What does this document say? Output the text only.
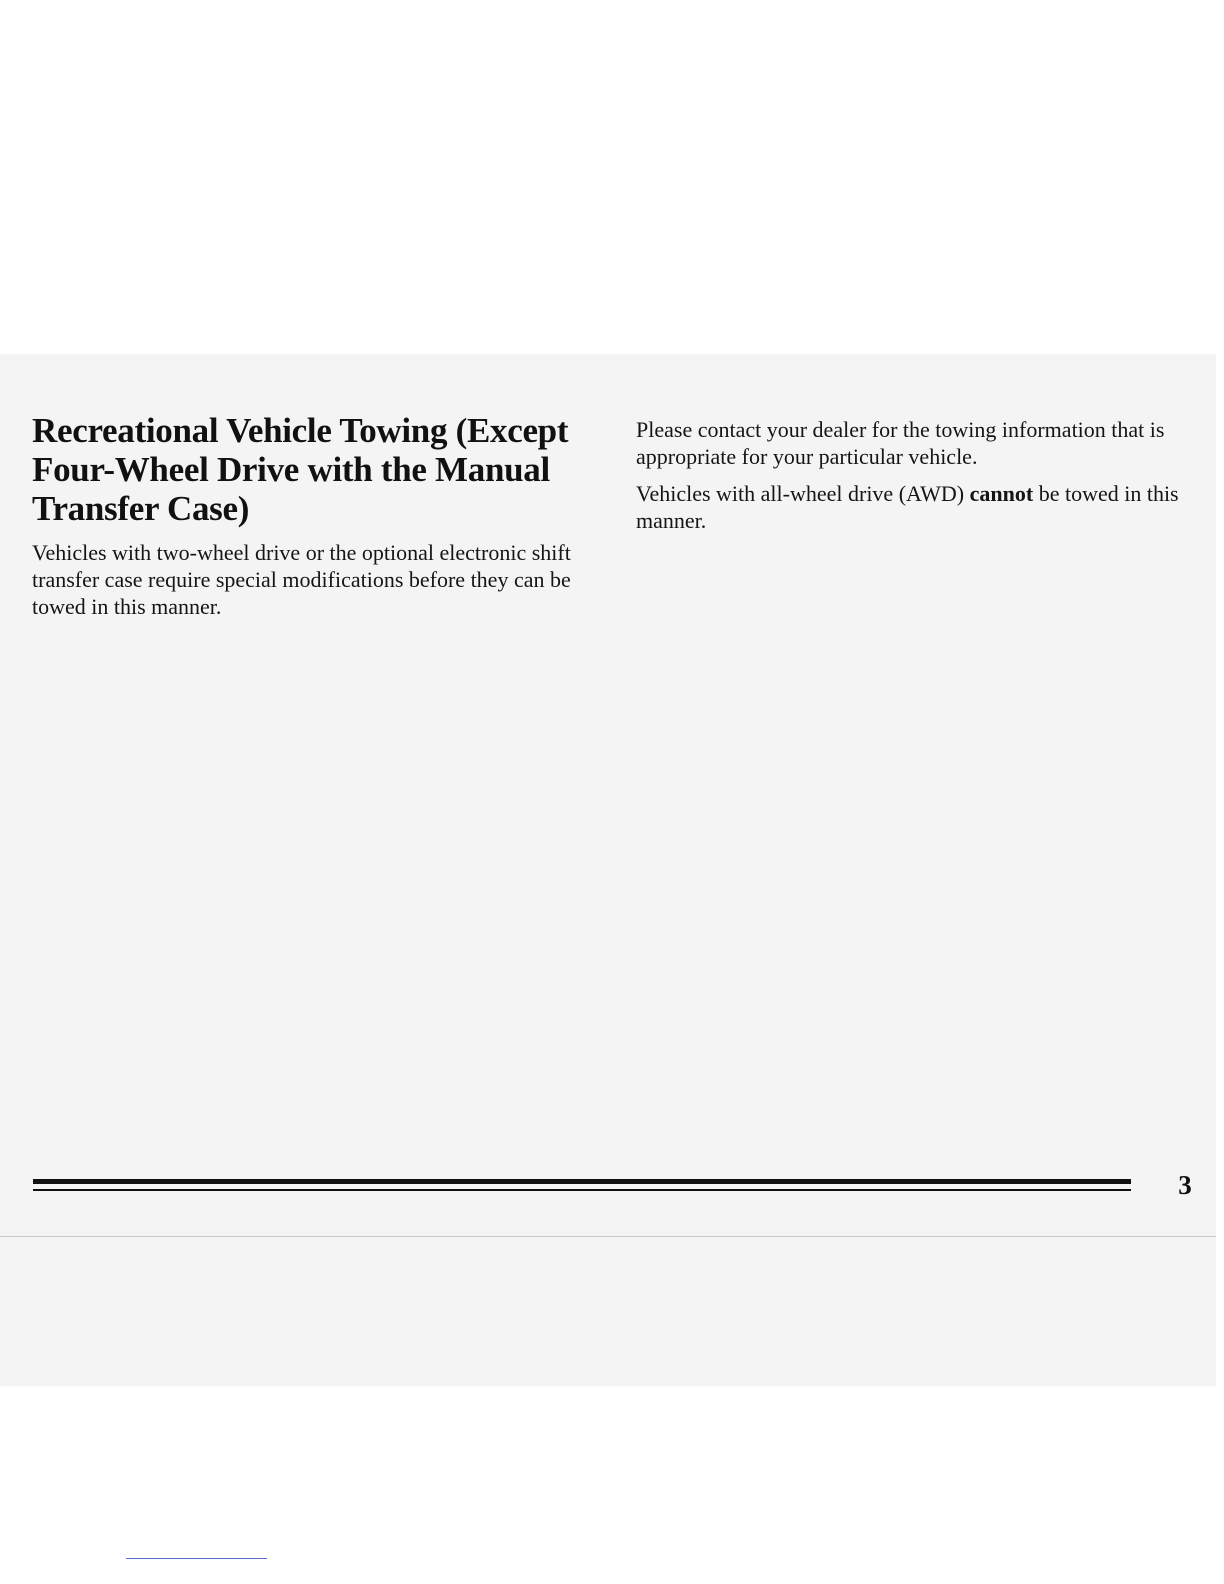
Recreational Vehicle Towing (Except Four-Wheel Drive with the Manual Transfer Case)

Vehicles with two-wheel drive or the optional electronic shift transfer case require special modifications before they can be towed in this manner.

Please contact your dealer for the towing information that is appropriate for your particular vehicle.

Vehicles with all-wheel drive (AWD) cannot be towed in this manner.

3
